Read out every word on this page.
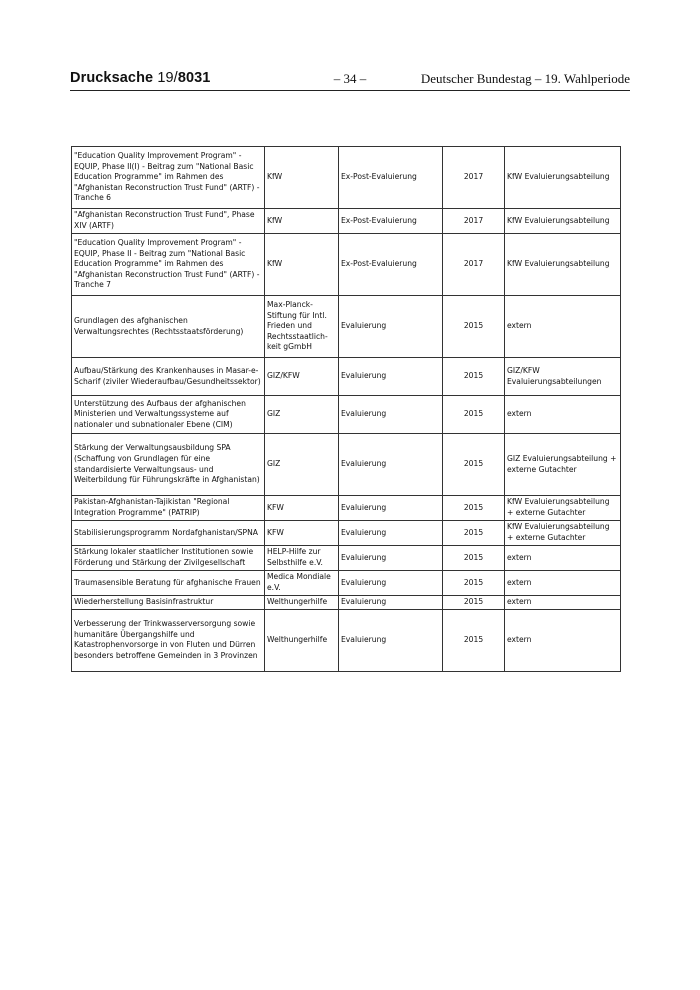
Drucksache 19/8031	– 34 –	Deutscher Bundestag – 19. Wahlperiode
"Education Quality Improvement Program" - EQUIP, Phase II(I) - Beitrag zum "National Basic Education Programme" im Rahmen des "Afghanistan Reconstruction Trust Fund" (ARTF) - Tranche 6	KfW	Ex-Post-Evaluierung	2017	KfW Evaluierungsabteilung
"Afghanistan Reconstruction Trust Fund", Phase XIV (ARTF)	KfW	Ex-Post-Evaluierung	2017	KfW Evaluierungsabteilung
"Education Quality Improvement Program" -EQUIP, Phase II - Beitrag zum "National Basic Education Programme" im Rahmen des "Afghanistan Reconstruction Trust Fund" (ARTF) - Tranche 7	KfW	Ex-Post-Evaluierung	2017	KfW Evaluierungsabteilung
Grundlagen des afghanischen Verwaltungsrechtes (Rechtsstaatsförderung)	Max-Planck-Stiftung für Intl. Frieden und Rechtsstaatlich-keit gGmbH	Evaluierung	2015	extern
Aufbau/Stärkung des Krankenhauses in Masar-e-Scharif (ziviler Wiederaufbau/Gesundheitssektor)	GIZ/KFW	Evaluierung	2015	GIZ/KFW Evaluierungsabteilungen
Unterstützung des Aufbaus der afghanischen Ministerien und Verwaltungssysteme auf nationaler und subnationaler Ebene (CIM)	GIZ	Evaluierung	2015	extern
Stärkung der Verwaltungsausbildung SPA (Schaffung von Grundlagen für eine standardisierte Verwaltungsaus- und Weiterbildung für Führungskräfte in Afghanistan)	GIZ	Evaluierung	2015	GIZ Evaluierungsabteilung + externe Gutachter
Pakistan-Afghanistan-Tajikistan "Regional Integration Programme" (PATRIP)	KFW	Evaluierung	2015	KfW Evaluierungsabteilung + externe Gutachter
Stabilisierungsprogramm Nordafghanistan/SPNA	KFW	Evaluierung	2015	KfW Evaluierungsabteilung + externe Gutachter
Stärkung lokaler staatlicher Institutionen sowie Förderung und Stärkung der Zivilgesellschaft	HELP-Hilfe zur Selbsthilfe e.V.	Evaluierung	2015	extern
Traumasensible Beratung für afghanische Frauen	Medica Mondiale e.V.	Evaluierung	2015	extern
Wiederherstellung Basisinfrastruktur	Welthungerhilfe	Evaluierung	2015	extern
Verbesserung der Trinkwasserversorgung sowie humanitäre Übergangshilfe und Katastrophenvorsorge in von Fluten und Dürren besonders betroffene Gemeinden in 3 Provinzen	Welthungerhilfe	Evaluierung	2015	extern
